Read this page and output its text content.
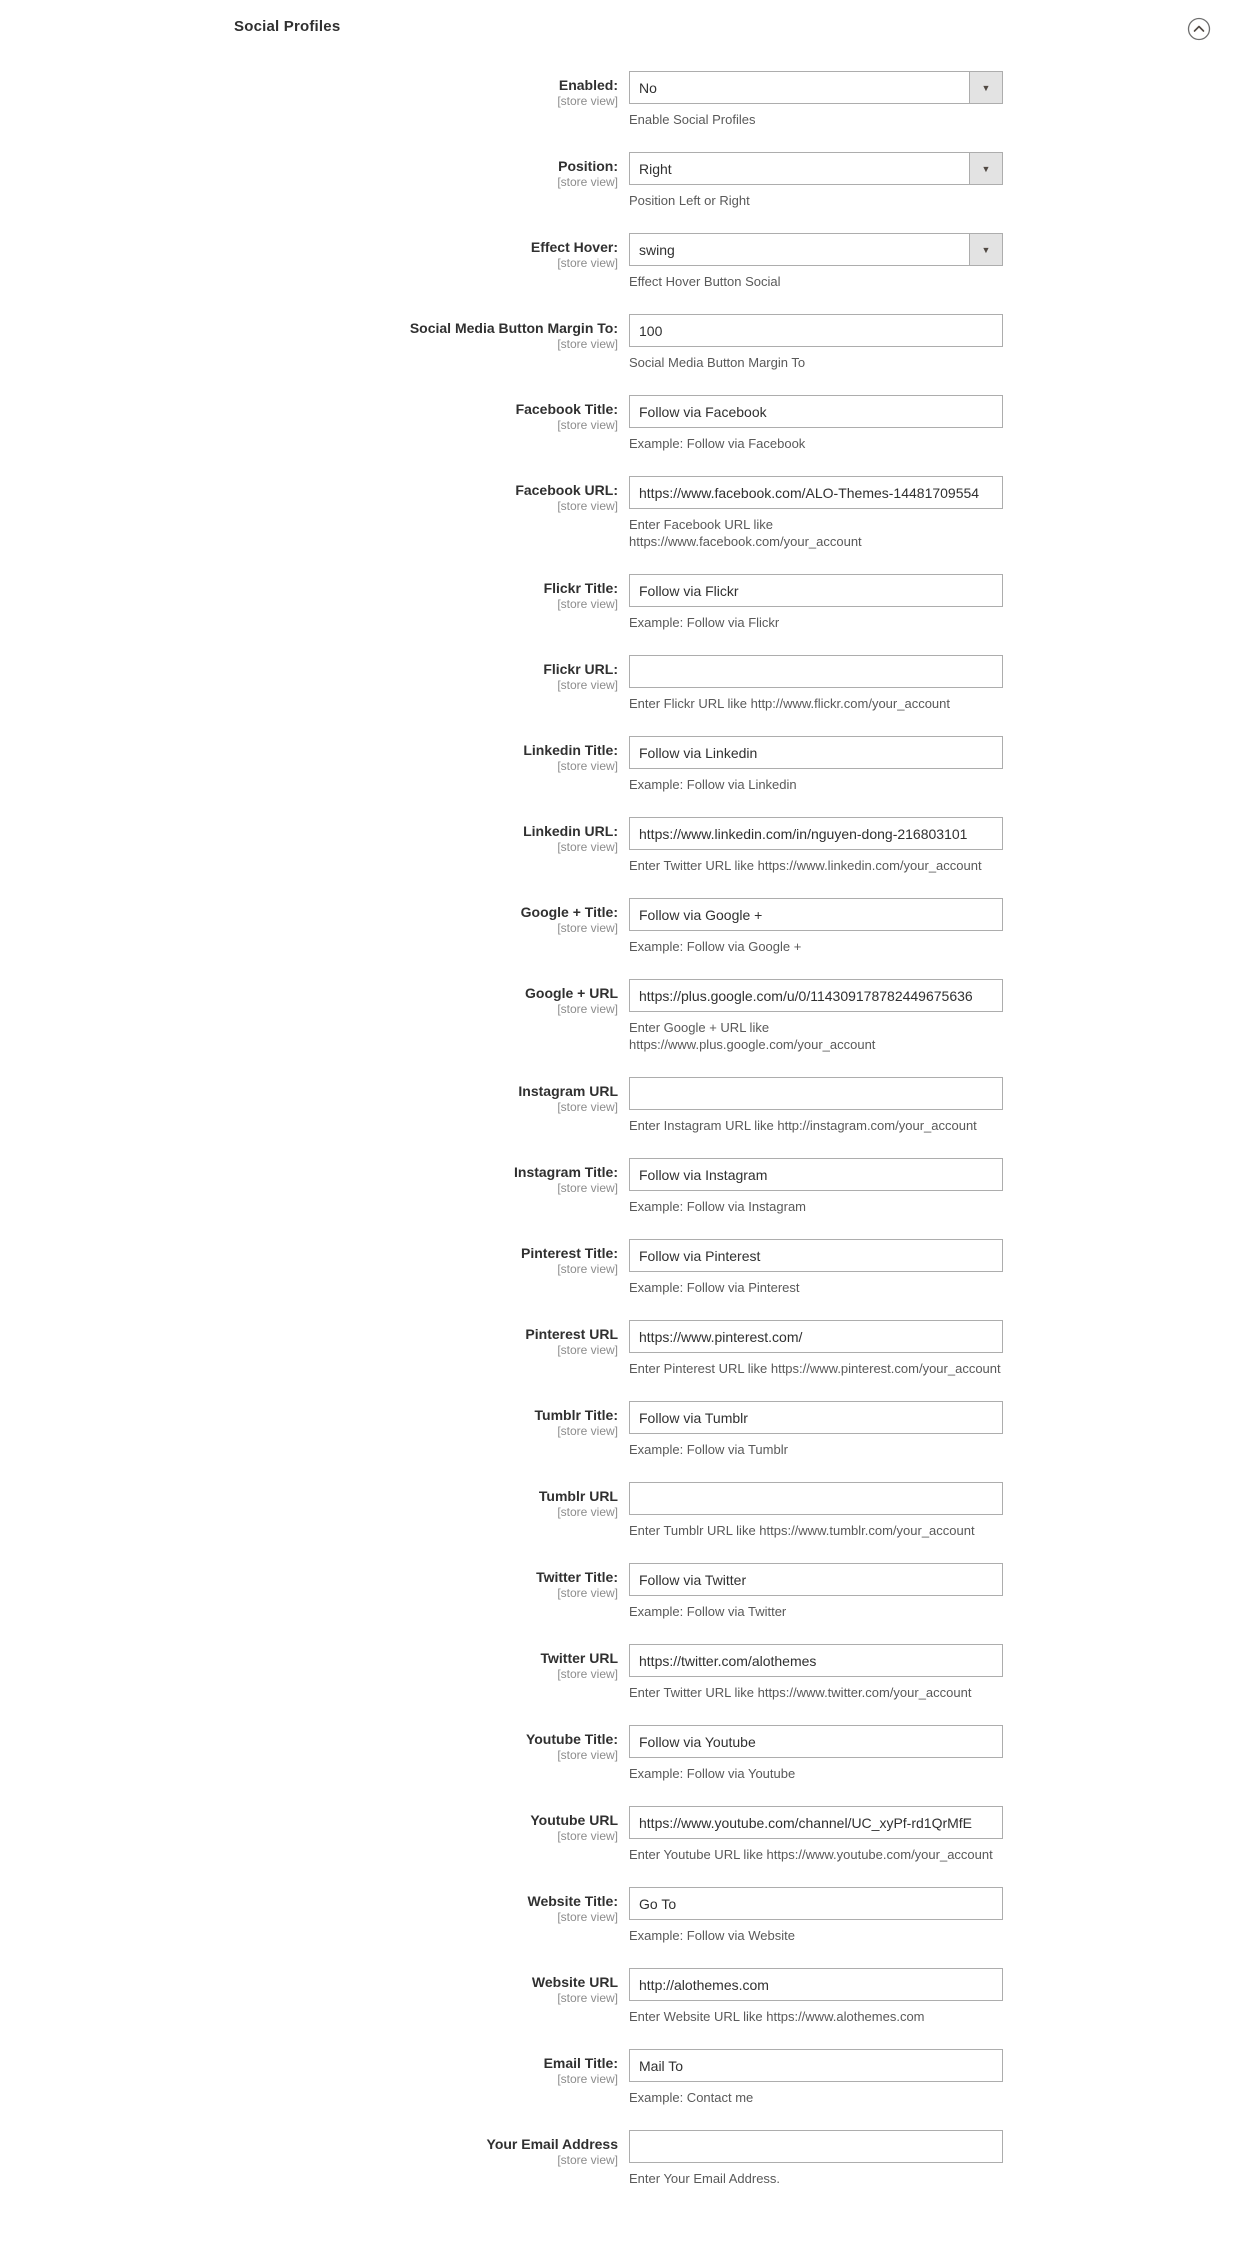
Social Profiles
Enabled:
[store view]
No	▼

Enable Social Profiles

Position:
[store view]
Right	▼

Position Left or Right

Effect Hover:
[store view]
swing	▼

Effect Hover Button Social

Social Media Button Margin To:
[store view]
100

Social Media Button Margin To

Facebook Title:
[store view]
Follow via Facebook

Example: Follow via Facebook

Facebook URL:
[store view]
https://www.facebook.com/ALO-Themes-14481709554

Enter Facebook URL like https://www.facebook.com/your_account

Flickr Title:
[store view]
Follow via Flickr

Example: Follow via Flickr

Flickr URL:
[store view]

Enter Flickr URL like http://www.flickr.com/your_account

Linkedin Title:
[store view]
Follow via Linkedin

Example: Follow via Linkedin

Linkedin URL:
[store view]
https://www.linkedin.com/in/nguyen-dong-216803101

Enter Twitter URL like https://www.linkedin.com/your_account

Google + Title:
[store view]
Follow via Google +

Example: Follow via Google +

Google + URL
[store view]
https://plus.google.com/u/0/114309178782449675636

Enter Google + URL like https://www.plus.google.com/your_account

Instagram URL
[store view]

Enter Instagram URL like http://instagram.com/your_account

Instagram Title:
[store view]
Follow via Instagram

Example: Follow via Instagram

Pinterest Title:
[store view]
Follow via Pinterest

Example: Follow via Pinterest

Pinterest URL
[store view]
https://www.pinterest.com/

Enter Pinterest URL like https://www.pinterest.com/your_account

Tumblr Title:
[store view]
Follow via Tumblr

Example: Follow via Tumblr

Tumblr URL
[store view]

Enter Tumblr URL like https://www.tumblr.com/your_account

Twitter Title:
[store view]
Follow via Twitter

Example: Follow via Twitter

Twitter URL
[store view]
https://twitter.com/alothemes

Enter Twitter URL like https://www.twitter.com/your_account

Youtube Title:
[store view]
Follow via Youtube

Example: Follow via Youtube

Youtube URL
[store view]
https://www.youtube.com/channel/UC_xyPf-rd1QrMfE

Enter Youtube URL like https://www.youtube.com/your_account

Website Title:
[store view]
Go To

Example: Follow via Website

Website URL
[store view]
http://alothemes.com

Enter Website URL like https://www.alothemes.com

Email Title:
[store view]
Mail To

Example: Contact me

Your Email Address
[store view]

Enter Your Email Address.
